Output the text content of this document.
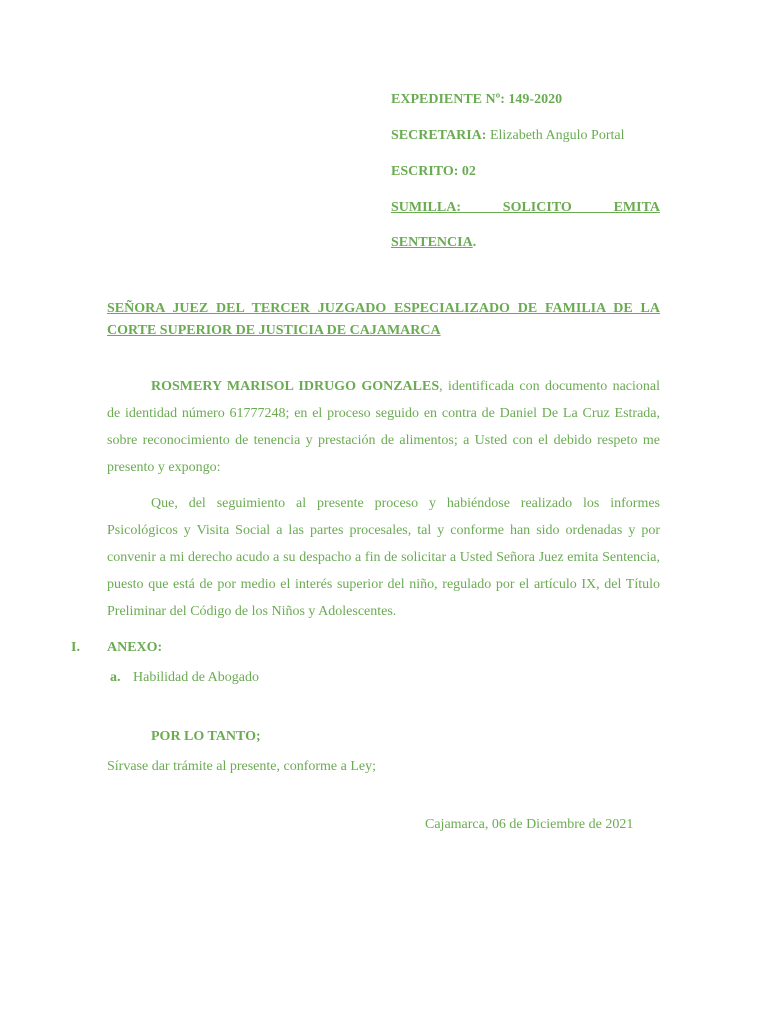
EXPEDIENTE Nº: 149-2020
SECRETARIA: Elizabeth Angulo Portal
ESCRITO: 02
SUMILLA: SOLICITO EMITA
SENTENCIA.
SEÑORA JUEZ DEL TERCER JUZGADO ESPECIALIZADO DE FAMILIA DE LA CORTE SUPERIOR DE JUSTICIA DE CAJAMARCA
ROSMERY MARISOL IDRUGO GONZALES, identificada con documento nacional de identidad número 61777248; en el proceso seguido en contra de Daniel De La Cruz Estrada, sobre reconocimiento de tenencia y prestación de alimentos; a Usted con el debido respeto me presento y expongo:
Que, del seguimiento al presente proceso y habiéndose realizado los informes Psicológicos y Visita Social a las partes procesales, tal y conforme han sido ordenadas y por convenir a mi derecho acudo a su despacho a fin de solicitar a Usted Señora Juez emita Sentencia, puesto que está de por medio el interés superior del niño, regulado por el artículo IX, del Título Preliminar del Código de los Niños y Adolescentes.
I. ANEXO:
a. Habilidad de Abogado
POR LO TANTO;
Sírvase dar trámite al presente, conforme a Ley;
Cajamarca, 06 de Diciembre de 2021
